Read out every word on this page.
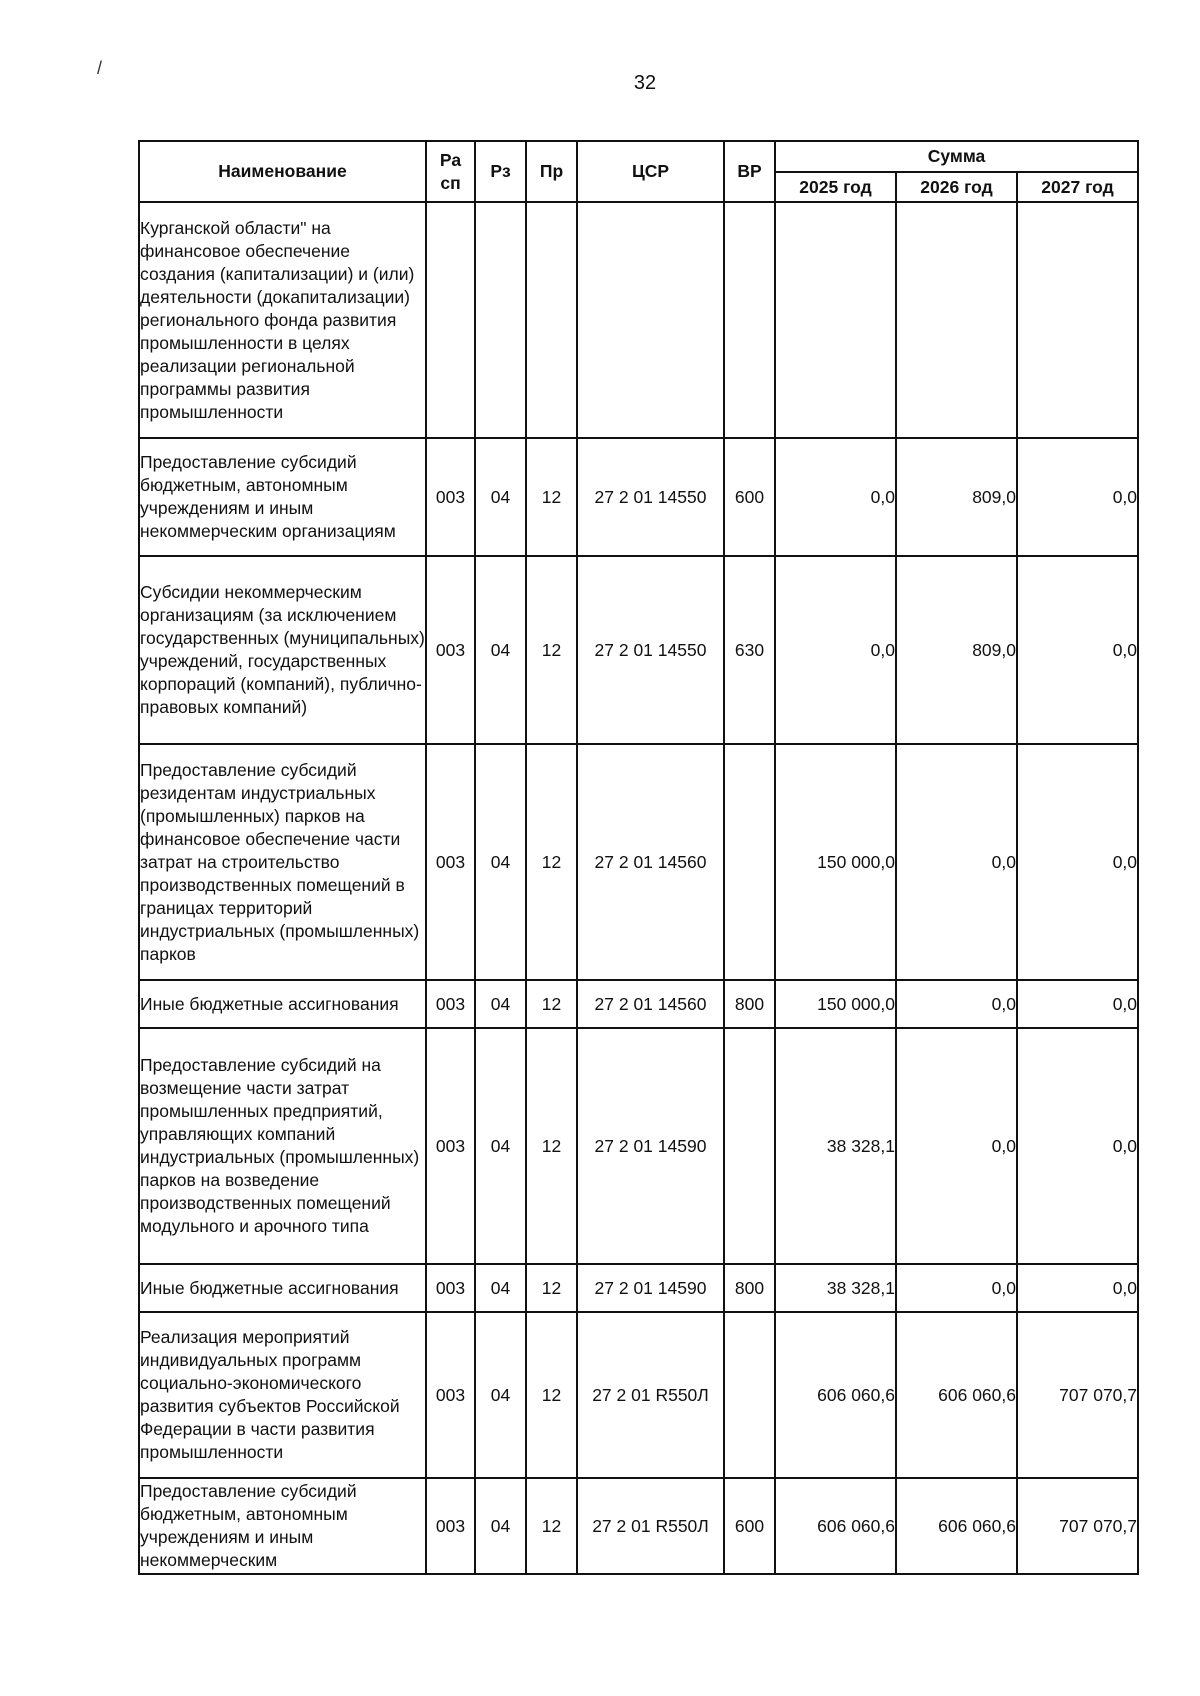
/
32
Наименование	Ра сп	Рз	Пр	ЦСР	ВР	Сумма		
						2025 год	2026 год	2027 год
Курганской области" на финансовое обеспечение создания (капитализации) и (или) деятельности (докапитализации) регионального фонда развития промышленности в целях реализации региональной программы развития промышленности								
Предоставление субсидий бюджетным, автономным учреждениям и иным некоммерческим организациям	003	04	12	27 2 01 14550	600	0,0	809,0	0,0
Субсидии некоммерческим организациям (за исключением государственных (муниципальных) учреждений, государственных корпораций (компаний), публично-правовых компаний)	003	04	12	27 2 01 14550	630	0,0	809,0	0,0
Предоставление субсидий резидентам индустриальных (промышленных) парков на финансовое обеспечение части затрат на строительство производственных помещений в границах территорий индустриальных (промышленных) парков	003	04	12	27 2 01 14560		150 000,0	0,0	0,0
Иные бюджетные ассигнования	003	04	12	27 2 01 14560	800	150 000,0	0,0	0,0
Предоставление субсидий на возмещение части затрат промышленных предприятий, управляющих компаний индустриальных (промышленных) парков на возведение производственных помещений модульного и арочного типа	003	04	12	27 2 01 14590		38 328,1	0,0	0,0
Иные бюджетные ассигнования	003	04	12	27 2 01 14590	800	38 328,1	0,0	0,0
Реализация мероприятий индивидуальных программ социально-экономического развития субъектов Российской Федерации в части развития промышленности	003	04	12	27 2 01 R550Л		606 060,6	606 060,6	707 070,7
Предоставление субсидий бюджетным, автономным учреждениям и иным некоммерческим	003	04	12	27 2 01 R550Л	600	606 060,6	606 060,6	707 070,7
